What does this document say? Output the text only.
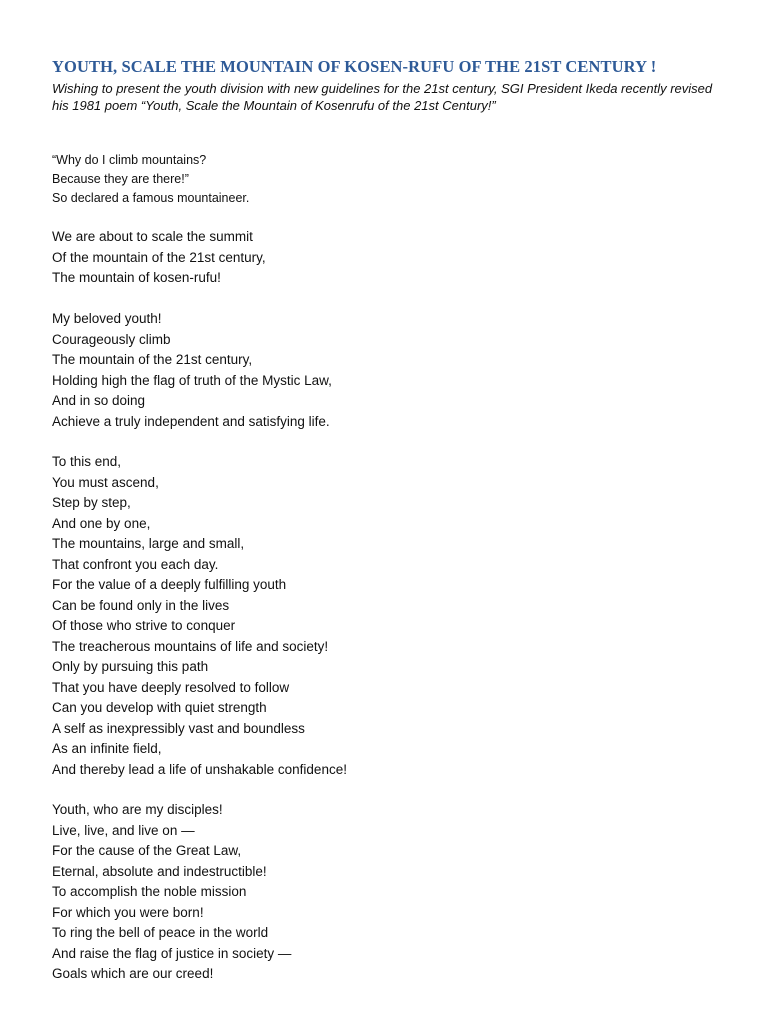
YOUTH, SCALE THE MOUNTAIN OF KOSEN-RUFU OF THE 21ST CENTURY !

Wishing to present the youth division with new guidelines for the 21st century, SGI President Ikeda recently revised
his 1981 poem “Youth, Scale the Mountain of Kosenrufu of the 21st Century!”

“Why do I climb mountains?
Because they are there!”
So declared a famous mountaineer.

We are about to scale the summit
Of the mountain of the 21st century,
The mountain of kosen-rufu!

My beloved youth!
Courageously climb
The mountain of the 21st century,
Holding high the flag of truth of the Mystic Law,
And in so doing
Achieve a truly independent and satisfying life.

To this end,
You must ascend,
Step by step,
And one by one,
The mountains, large and small,
That confront you each day.
For the value of a deeply fulfilling youth
Can be found only in the lives
Of those who strive to conquer
The treacherous mountains of life and society!
Only by pursuing this path
That you have deeply resolved to follow
Can you develop with quiet strength
A self as inexpressibly vast and boundless
As an infinite field,
And thereby lead a life of unshakable confidence!

Youth, who are my disciples!
Live, live, and live on —
For the cause of the Great Law,
Eternal, absolute and indestructible!
To accomplish the noble mission
For which you were born!
To ring the bell of peace in the world
And raise the flag of justice in society —
Goals which are our creed!
